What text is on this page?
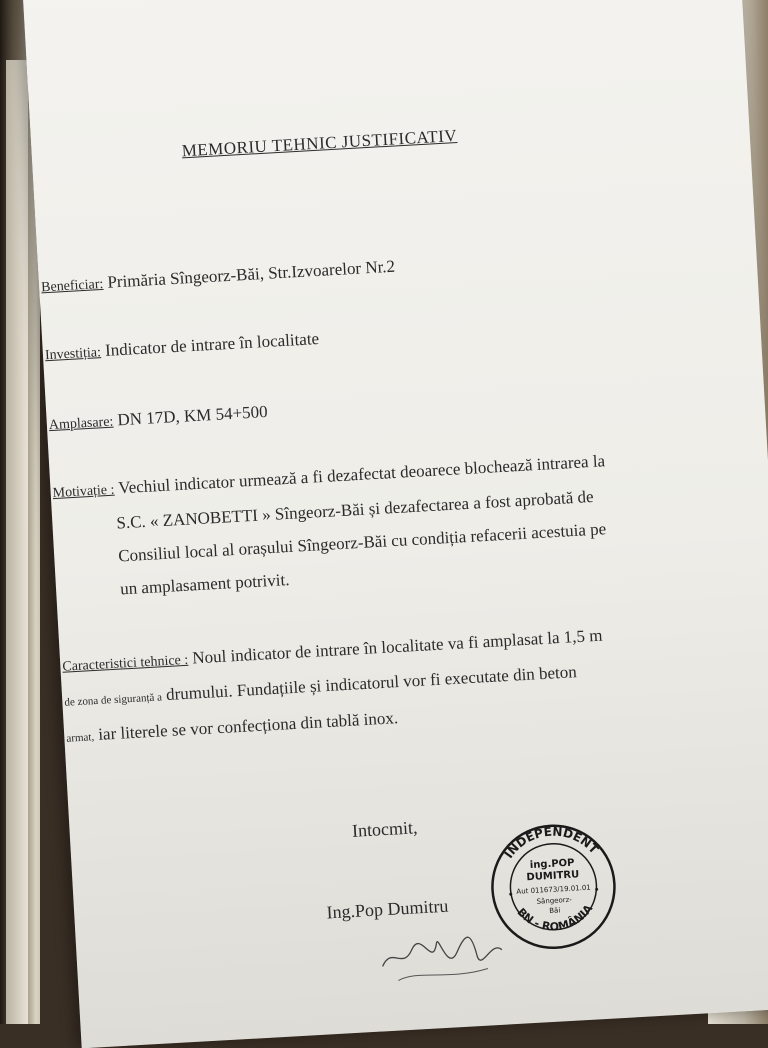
MEMORIU TEHNIC JUSTIFICATIV
Beneficiar: Primăria Sîngeorz-Băi, Str.Izvoarelor Nr.2
Investiția: Indicator de intrare în localitate
Amplasare: DN 17D, KM 54+500
Motivație : Vechiul indicator urmează a fi dezafectat deoarece blochează intrarea la
S.C. « ZANOBETTI » Sîngeorz-Băi și dezafectarea a fost aprobată de
Consiliul local al orașului Sîngeorz-Băi cu condiția refacerii acestuia pe
un amplasament potrivit.
Caracteristici tehnice : Noul indicator de intrare în localitate va fi amplasat la 1,5 m
de zona de siguranță a drumului. Fundațiile și indicatorul vor fi executate din beton
armat, iar literele se vor confecționa din tablă inox.
Intocmit,
Ing.Pop Dumitru
INDEPENDENT
BN - ROMÂNIA
ing.POP
DUMITRU
Aut 011673/19.01.01
Sângeorz-
Băi
